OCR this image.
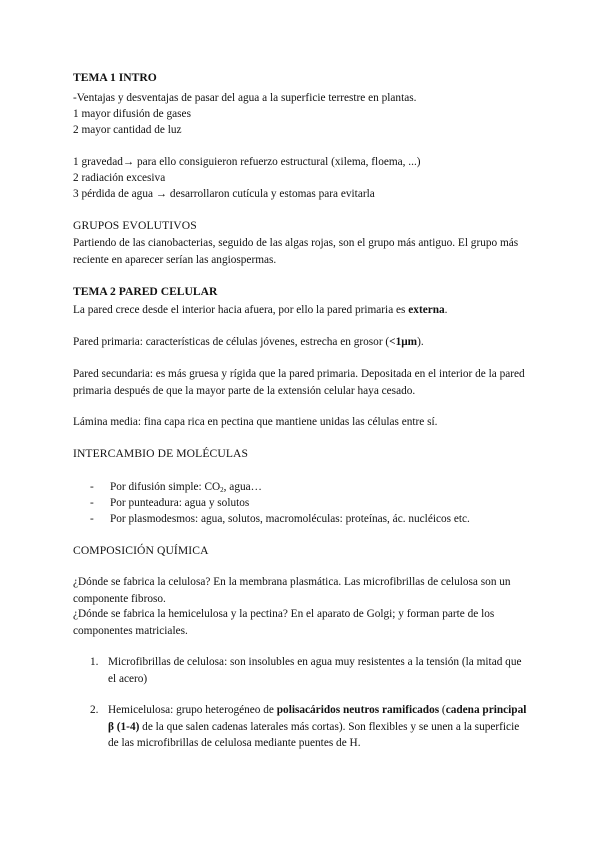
TEMA 1 INTRO

-Ventajas y desventajas de pasar del agua a la superficie terrestre en plantas.

1 mayor difusión de gases

2 mayor cantidad de luz

1 gravedad→ para ello consiguieron refuerzo estructural (xilema, floema, ...)

2 radiación excesiva

3 pérdida de agua → desarrollaron cutícula y estomas para evitarla

GRUPOS EVOLUTIVOS

Partiendo de las cianobacterias, seguido de las algas rojas, son el grupo más antiguo. El grupo más reciente en aparecer serían las angiospermas.

TEMA 2 PARED CELULAR

La pared crece desde el interior hacia afuera, por ello la pared primaria es externa.

Pared primaria: características de células jóvenes, estrecha en grosor (<1μm).

Pared secundaria: es más gruesa y rígida que la pared primaria. Depositada en el interior de la pared primaria después de que la mayor parte de la extensión celular haya cesado.

Lámina media: fina capa rica en pectina que mantiene unidas las células entre sí.

INTERCAMBIO DE MOLÉCULAS

- Por difusión simple: $CO_2$, agua…

- Por punteadura: agua y solutos

- Por plasmodesmos: agua, solutos, macromoléculas: proteínas, ác. nucléicos etc.

COMPOSICIÓN QUÍMICA

¿Dónde se fabrica la celulosa? En la membrana plasmática. Las microfibrillas de celulosa son un componente fibroso.

¿Dónde se fabrica la hemicelulosa y la pectina? En el aparato de Golgi; y forman parte de los componentes matriciales.

1. Microfibrillas de celulosa: son insolubles en agua muy resistentes a la tensión (la mitad que el acero)

2. Hemicelulosa: grupo heterogéneo de polisacáridos neutros ramificados (cadena principal β (1-4) de la que salen cadenas laterales más cortas). Son flexibles y se unen a la superficie de las microfibrillas de celulosa mediante puentes de H.
